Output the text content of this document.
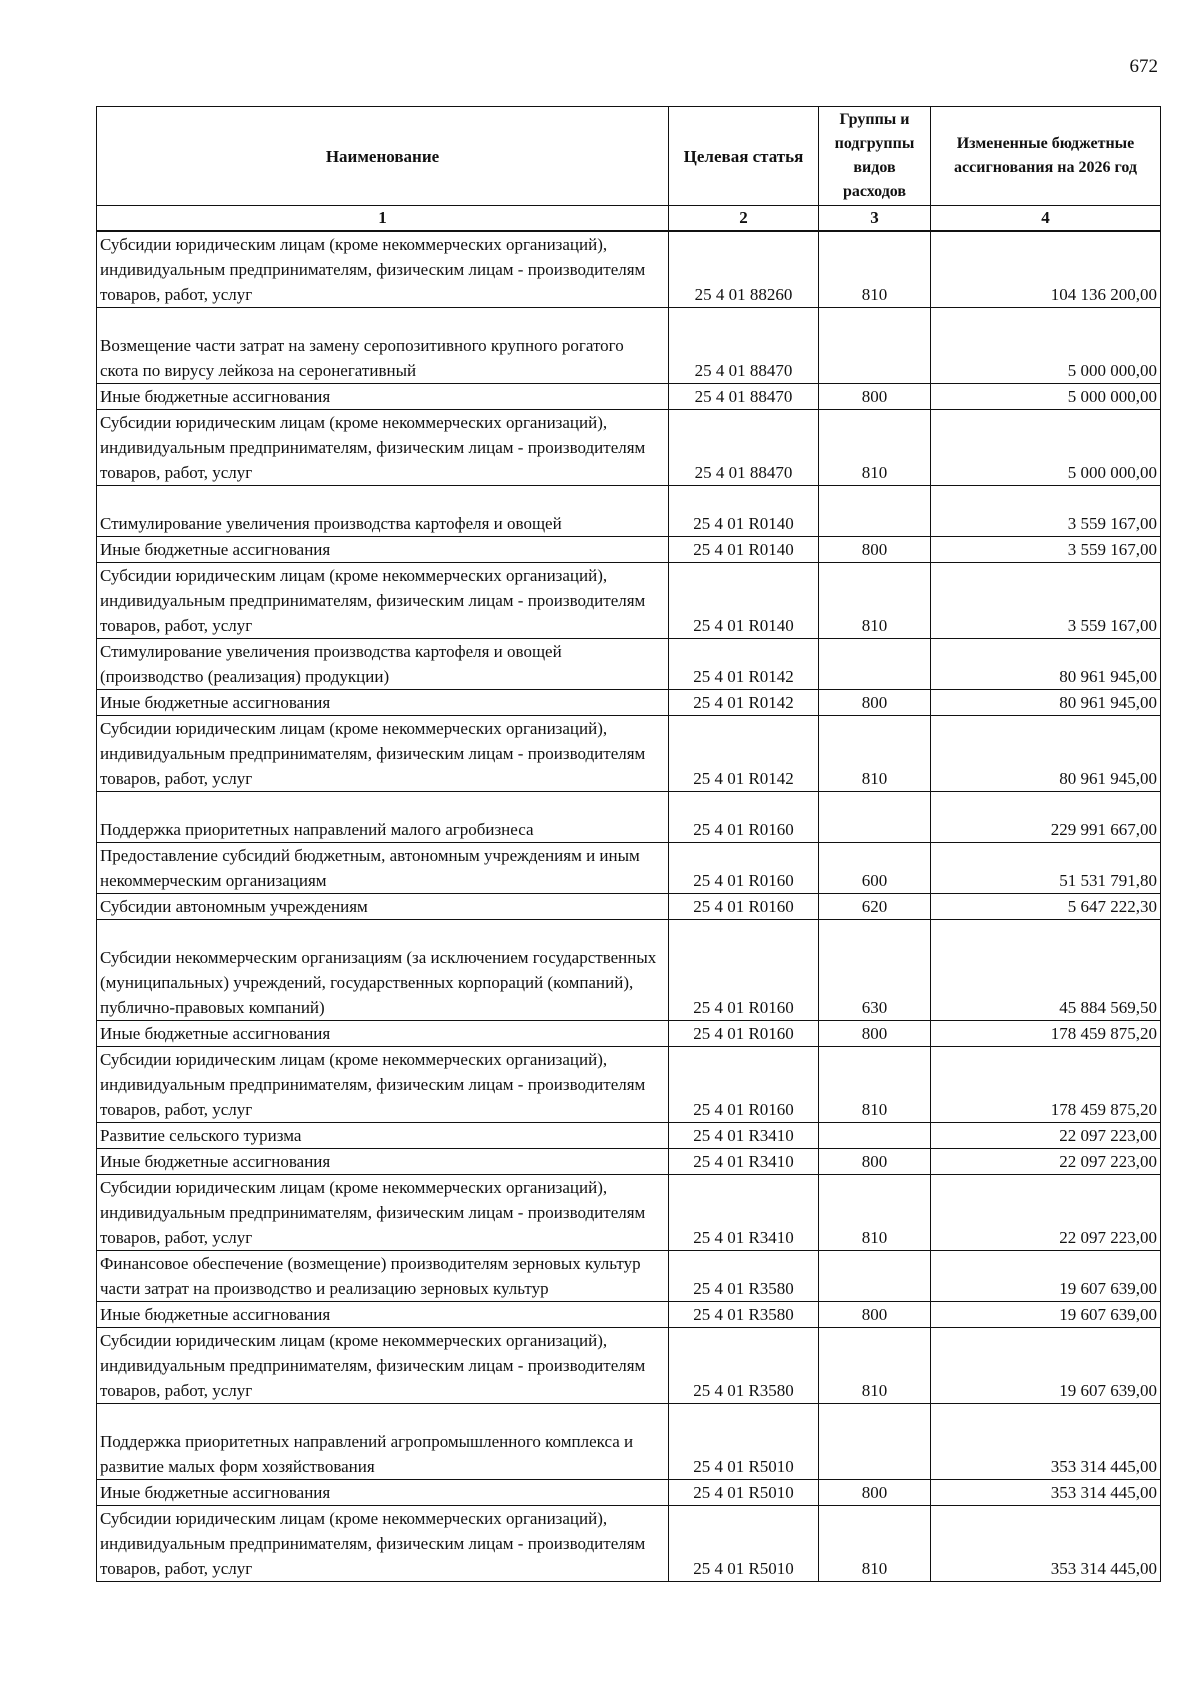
672
Наименование	Целевая статья	Группы и подгруппы видов расходов	Измененные бюджетные ассигнования на 2026 год
1	2	3	4
Субсидии юридическим лицам (кроме некоммерческих организаций), индивидуальным предпринимателям, физическим лицам - производителям товаров, работ, услуг	25 4 01 88260	810	104 136 200,00

Возмещение части затрат на замену серопозитивного крупного рогатого скота по вирусу лейкоза на серонегативный	25 4 01 88470		5 000 000,00
Иные бюджетные ассигнования	25 4 01 88470	800	5 000 000,00
Субсидии юридическим лицам (кроме некоммерческих организаций), индивидуальным предпринимателям, физическим лицам - производителям товаров, работ, услуг	25 4 01 88470	810	5 000 000,00

Стимулирование увеличения производства картофеля и овощей	25 4 01 R0140		3 559 167,00
Иные бюджетные ассигнования	25 4 01 R0140	800	3 559 167,00
Субсидии юридическим лицам (кроме некоммерческих организаций), индивидуальным предпринимателям, физическим лицам - производителям товаров, работ, услуг	25 4 01 R0140	810	3 559 167,00
Стимулирование увеличения производства картофеля и овощей (производство (реализация) продукции)	25 4 01 R0142		80 961 945,00
Иные бюджетные ассигнования	25 4 01 R0142	800	80 961 945,00
Субсидии юридическим лицам (кроме некоммерческих организаций), индивидуальным предпринимателям, физическим лицам - производителям товаров, работ, услуг	25 4 01 R0142	810	80 961 945,00

Поддержка приоритетных направлений малого агробизнеса	25 4 01 R0160		229 991 667,00
Предоставление субсидий бюджетным, автономным учреждениям и иным некоммерческим организациям	25 4 01 R0160	600	51 531 791,80
Субсидии автономным учреждениям	25 4 01 R0160	620	5 647 222,30

Субсидии некоммерческим организациям (за исключением государственных (муниципальных) учреждений, государственных корпораций (компаний), публично-правовых компаний)	25 4 01 R0160	630	45 884 569,50
Иные бюджетные ассигнования	25 4 01 R0160	800	178 459 875,20
Субсидии юридическим лицам (кроме некоммерческих организаций), индивидуальным предпринимателям, физическим лицам - производителям товаров, работ, услуг	25 4 01 R0160	810	178 459 875,20
Развитие сельского туризма	25 4 01 R3410		22 097 223,00
Иные бюджетные ассигнования	25 4 01 R3410	800	22 097 223,00
Субсидии юридическим лицам (кроме некоммерческих организаций), индивидуальным предпринимателям, физическим лицам - производителям товаров, работ, услуг	25 4 01 R3410	810	22 097 223,00
Финансовое обеспечение (возмещение) производителям зерновых культур части затрат на производство и реализацию зерновых культур	25 4 01 R3580		19 607 639,00
Иные бюджетные ассигнования	25 4 01 R3580	800	19 607 639,00
Субсидии юридическим лицам (кроме некоммерческих организаций), индивидуальным предпринимателям, физическим лицам - производителям товаров, работ, услуг	25 4 01 R3580	810	19 607 639,00

Поддержка приоритетных направлений агропромышленного комплекса и развитие малых форм хозяйствования	25 4 01 R5010		353 314 445,00
Иные бюджетные ассигнования	25 4 01 R5010	800	353 314 445,00
Субсидии юридическим лицам (кроме некоммерческих организаций), индивидуальным предпринимателям, физическим лицам - производителям товаров, работ, услуг	25 4 01 R5010	810	353 314 445,00
